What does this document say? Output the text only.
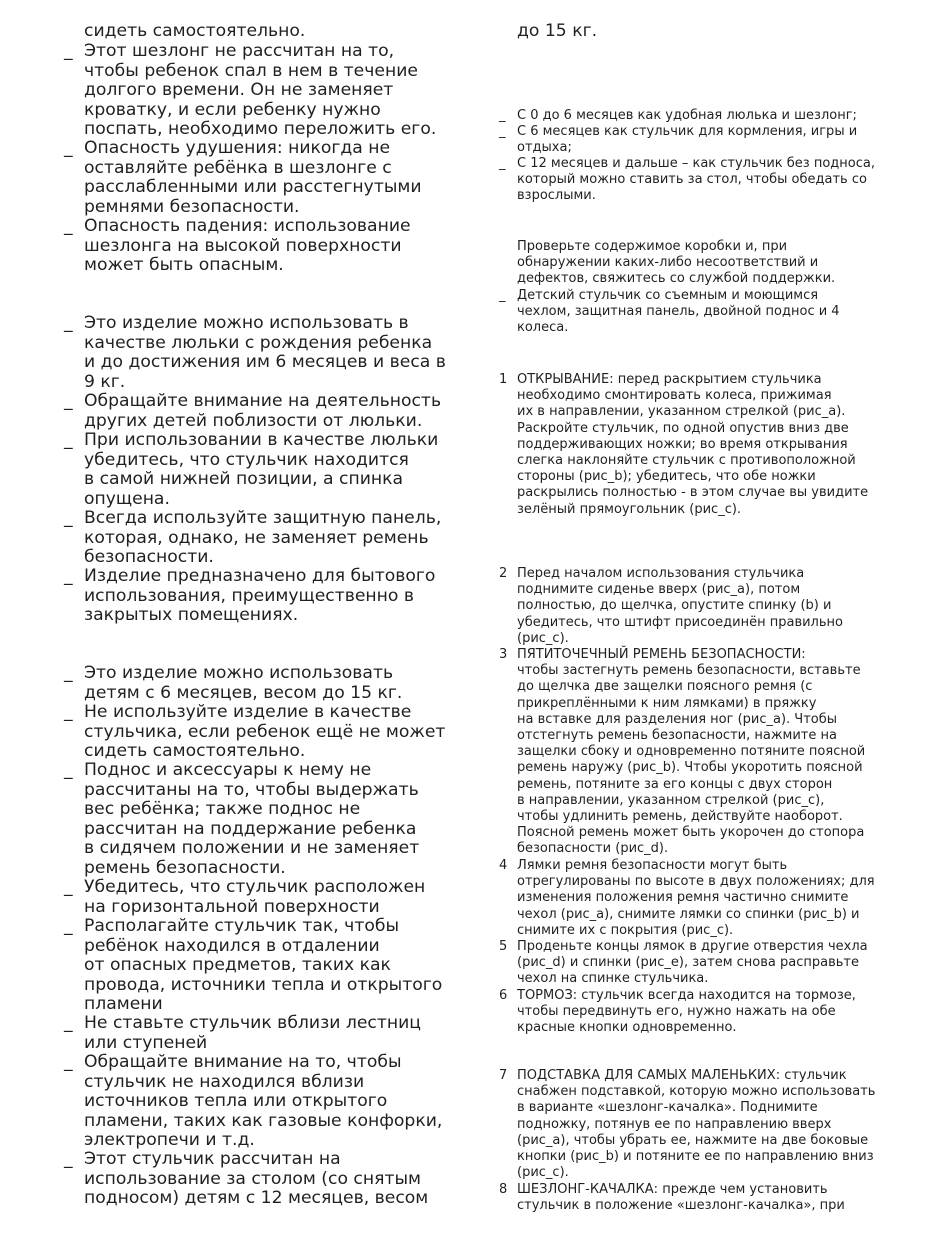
сидеть самостоятельно.
_ Этот шезлонг не рассчитан на то,
чтобы ребенок спал в нем в течение
долгого времени. Он не заменяет
кроватку, и если ребенку нужно
поспать, необходимо переложить его.
_ Опасность удушения: никогда не
оставляйте ребёнка в шезлонге с
расслабленными или расстегнутыми
ремнями безопасности.
_ Опасность падения: использование
шезлонга на высокой поверхности
может быть опасным.
_ Это изделие можно использовать в
качестве люльки с рождения ребенка
и до достижения им 6 месяцев и веса в
9 кг.
_ Обращайте внимание на деятельность
других детей поблизости от люльки.
_ При использовании в качестве люльки
убедитесь, что стульчик находится
в самой нижней позиции, а спинка
опущена.
_ Всегда используйте защитную панель,
которая, однако, не заменяет ремень
безопасности.
_ Изделие предназначено для бытового
использования, преимущественно в
закрытых помещениях.
_ Это изделие можно использовать
детям с 6 месяцев, весом до 15 кг.
_ Не используйте изделие в качестве
стульчика, если ребенок ещё не может
сидеть самостоятельно.
_ Поднос и аксессуары к нему не
рассчитаны на то, чтобы выдержать
вес ребёнка; также поднос не
рассчитан на поддержание ребенка
в сидячем положении и не заменяет
ремень безопасности.
_ Убедитесь, что стульчик расположен
на горизонтальной поверхности
_ Располагайте стульчик так, чтобы
ребёнок находился в отдалении
от опасных предметов, таких как
провода, источники тепла и открытого
пламени
_ Не ставьте стульчик вблизи лестниц
или ступеней
_ Обращайте внимание на то, чтобы
стульчик не находился вблизи
источников тепла или открытого
пламени, таких как газовые конфорки,
электропечи и т.д.
_ Этот стульчик рассчитан на
использование за столом (со снятым
подносом) детям с 12 месяцев, весом
до 15 кг.
_ С 0 до 6 месяцев как удобная люлька и шезлонг;
_ С 6 месяцев как стульчик для кормления, игры и
отдыха;
_ С 12 месяцев и дальше – как стульчик без подноса,
который можно ставить за стол, чтобы обедать со
взрослыми.
Проверьте содержимое коробки и, при
обнаружении каких-либо несоответствий и
дефектов, свяжитесь со службой поддержки.
_ Детский стульчик со съемным и моющимся
чехлом, защитная панель, двойной поднос и 4
колеса.
1 ОТКРЫВАНИЕ: перед раскрытием стульчика
необходимо смонтировать колеса, прижимая
их в направлении, указанном стрелкой (рис_a).
Раскройте стульчик, по одной опустив вниз две
поддерживающих ножки; во время открывания
слегка наклоняйте стульчик с противоположной
стороны (рис_b); убедитесь, что обе ножки
раскрылись полностью - в этом случае вы увидите
зелёный прямоугольник (рис_c).
2 Перед началом использования стульчика
поднимите сиденье вверх (рис_a), потом
полностью, до щелчка, опустите спинку (b) и
убедитесь, что штифт присоединён правильно
(рис_c).
3 ПЯТИТОЧЕЧНЫЙ РЕМЕНЬ БЕЗОПАСНОСТИ:
чтобы застегнуть ремень безопасности, вставьте
до щелчка две защелки поясного ремня (с
прикреплёнными к ним лямками) в пряжку
на вставке для разделения ног (рис_a). Чтобы
отстегнуть ремень безопасности, нажмите на
защелки сбоку и одновременно потяните поясной
ремень наружу (рис_b). Чтобы укоротить поясной
ремень, потяните за его концы с двух сторон
в направлении, указанном стрелкой (рис_c),
чтобы удлинить ремень, действуйте наоборот.
Поясной ремень может быть укорочен до стопора
безопасности (рис_d).
4 Лямки ремня безопасности могут быть
отрегулированы по высоте в двух положениях; для
изменения положения ремня частично снимите
чехол (рис_a), снимите лямки со спинки (рис_b) и
снимите их с покрытия (рис_c).
5 Проденьте концы лямок в другие отверстия чехла
(рис_d) и спинки (рис_e), затем снова расправьте
чехол на спинке стульчика.
6 ТОРМОЗ: стульчик всегда находится на тормозе,
чтобы передвинуть его, нужно нажать на обе
красные кнопки одновременно.
7 ПОДСТАВКА ДЛЯ САМЫХ МАЛЕНЬКИХ: стульчик
снабжен подставкой, которую можно использовать
в варианте «шезлонг-качалка». Поднимите
подножку, потянув ее по направлению вверх
(рис_a), чтобы убрать ее, нажмите на две боковые
кнопки (рис_b) и потяните ее по направлению вниз
(рис_c).
8 ШЕЗЛОНГ-КАЧАЛКА: прежде чем установить
стульчик в положение «шезлонг-качалка», при
